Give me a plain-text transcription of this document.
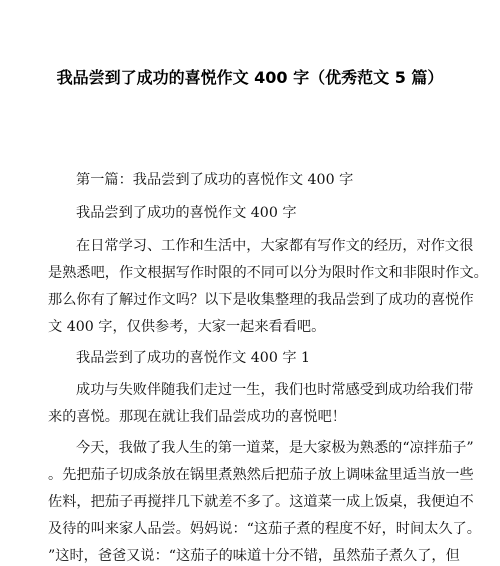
我品尝到了成功的喜悦作文 400 字（优秀范文 5 篇）
第一篇：我品尝到了成功的喜悦作文 400 字
我品尝到了成功的喜悦作文 400 字
在日常学习、工作和生活中，大家都有写作文的经历，对作文很
是熟悉吧，作文根据写作时限的不同可以分为限时作文和非限时作文。
那么你有了解过作文吗？以下是收集整理的我品尝到了成功的喜悦作
文 400 字，仅供参考，大家一起来看看吧。
我品尝到了成功的喜悦作文 400 字 1
成功与失败伴随我们走过一生，我们也时常感受到成功给我们带
来的喜悦。那现在就让我们品尝成功的喜悦吧！
今天，我做了我人生的第一道菜，是大家极为熟悉的“凉拌茄子”
。先把茄子切成条放在锅里煮熟然后把茄子放上调味盆里适当放一些
佐料，把茄子再搅拌几下就差不多了。这道菜一成上饭桌，我便迫不
及待的叫来家人品尝。妈妈说：“这茄子煮的程度不好，时间太久了。
”这时，爸爸又说：“这茄子的味道十分不错，虽然茄子煮久了，但
